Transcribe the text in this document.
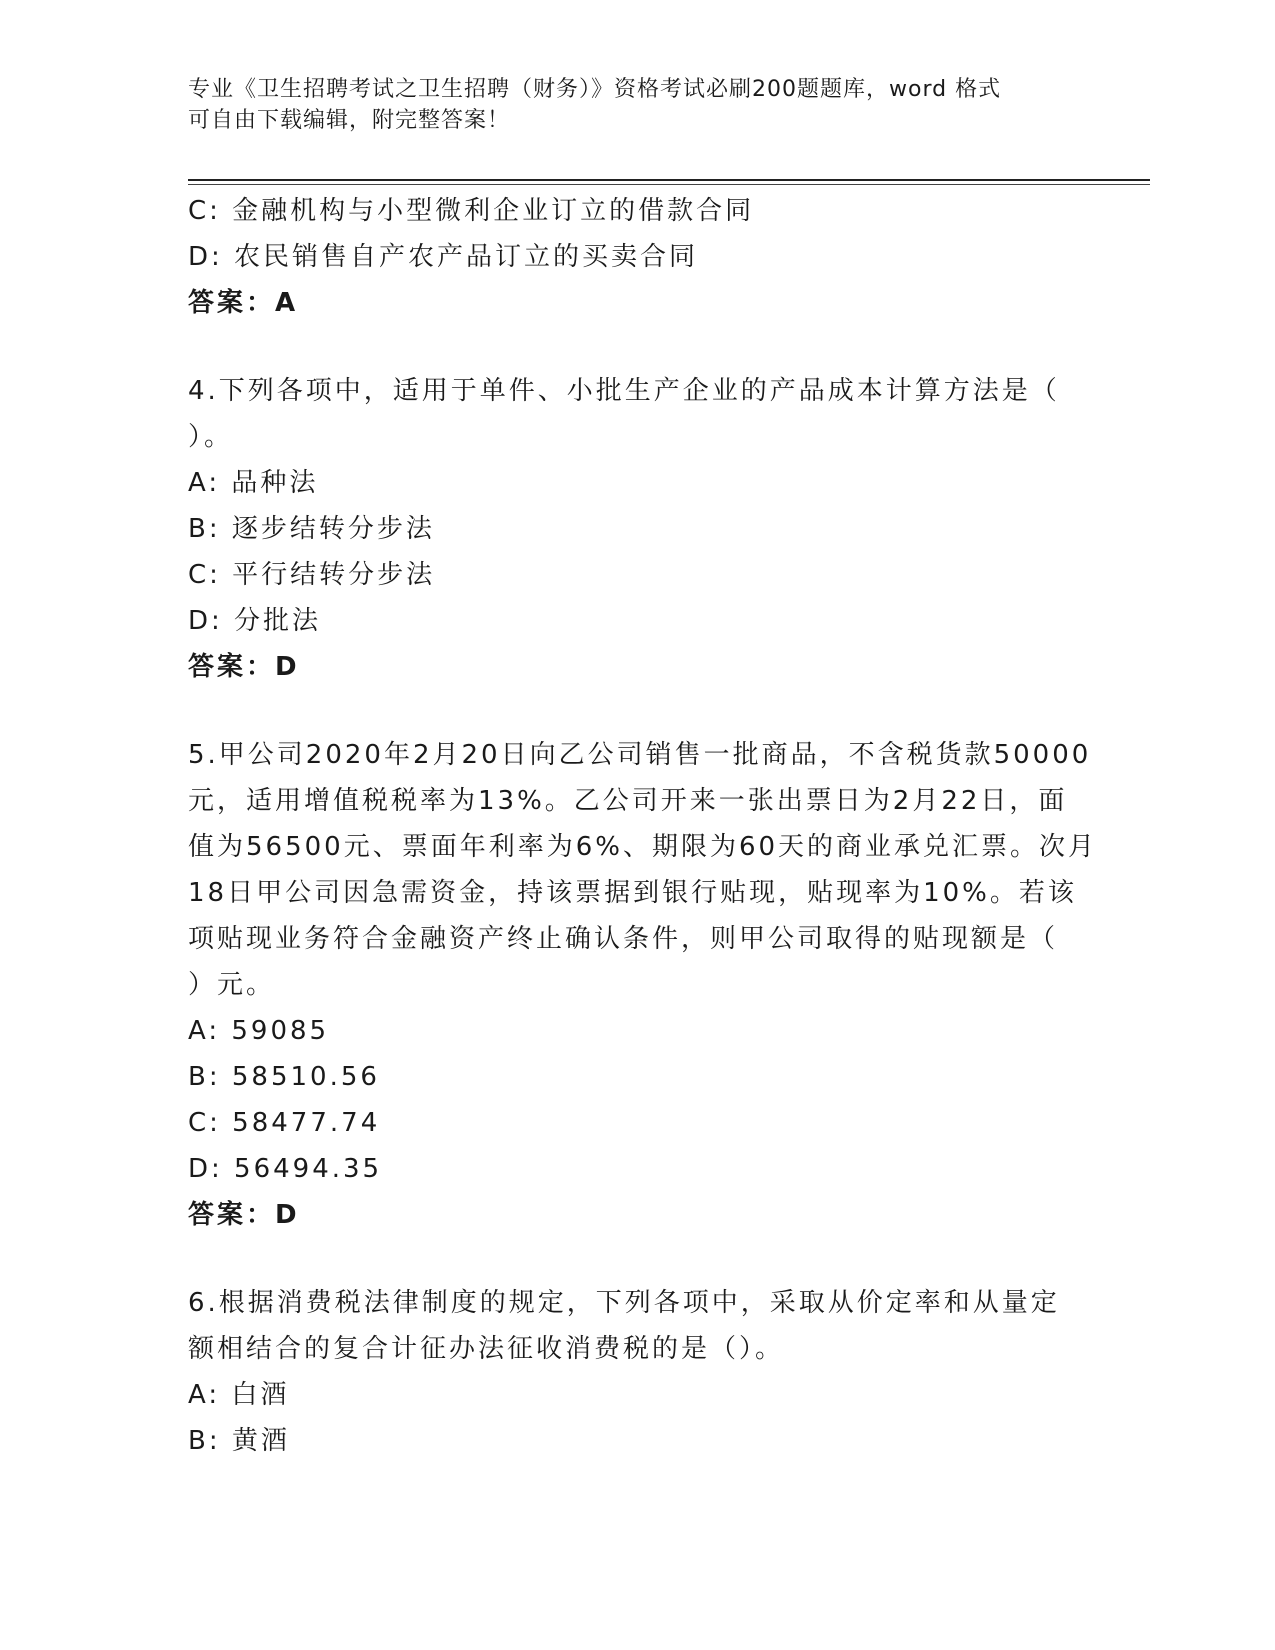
专业《卫生招聘考试之卫生招聘（财务）》资格考试必刷200题题库，word 格式
可自由下载编辑，附完整答案！
C: 金融机构与小型微利企业订立的借款合同
D: 农民销售自产农产品订立的买卖合同
答案：A
4.下列各项中，适用于单件、小批生产企业的产品成本计算方法是（
）。
A: 品种法
B: 逐步结转分步法
C: 平行结转分步法
D: 分批法
答案：D
5.甲公司2020年2月20日向乙公司销售一批商品，不含税货款50000
元，适用增值税税率为13%。乙公司开来一张出票日为2月22日，面
值为56500元、票面年利率为6%、期限为60天的商业承兑汇票。次月
18日甲公司因急需资金，持该票据到银行贴现，贴现率为10%。若该
项贴现业务符合金融资产终止确认条件，则甲公司取得的贴现额是（
）元。
A: 59085
B: 58510.56
C: 58477.74
D: 56494.35
答案：D
6.根据消费税法律制度的规定，下列各项中，采取从价定率和从量定
额相结合的复合计征办法征收消费税的是（）。
A: 白酒
B: 黄酒
